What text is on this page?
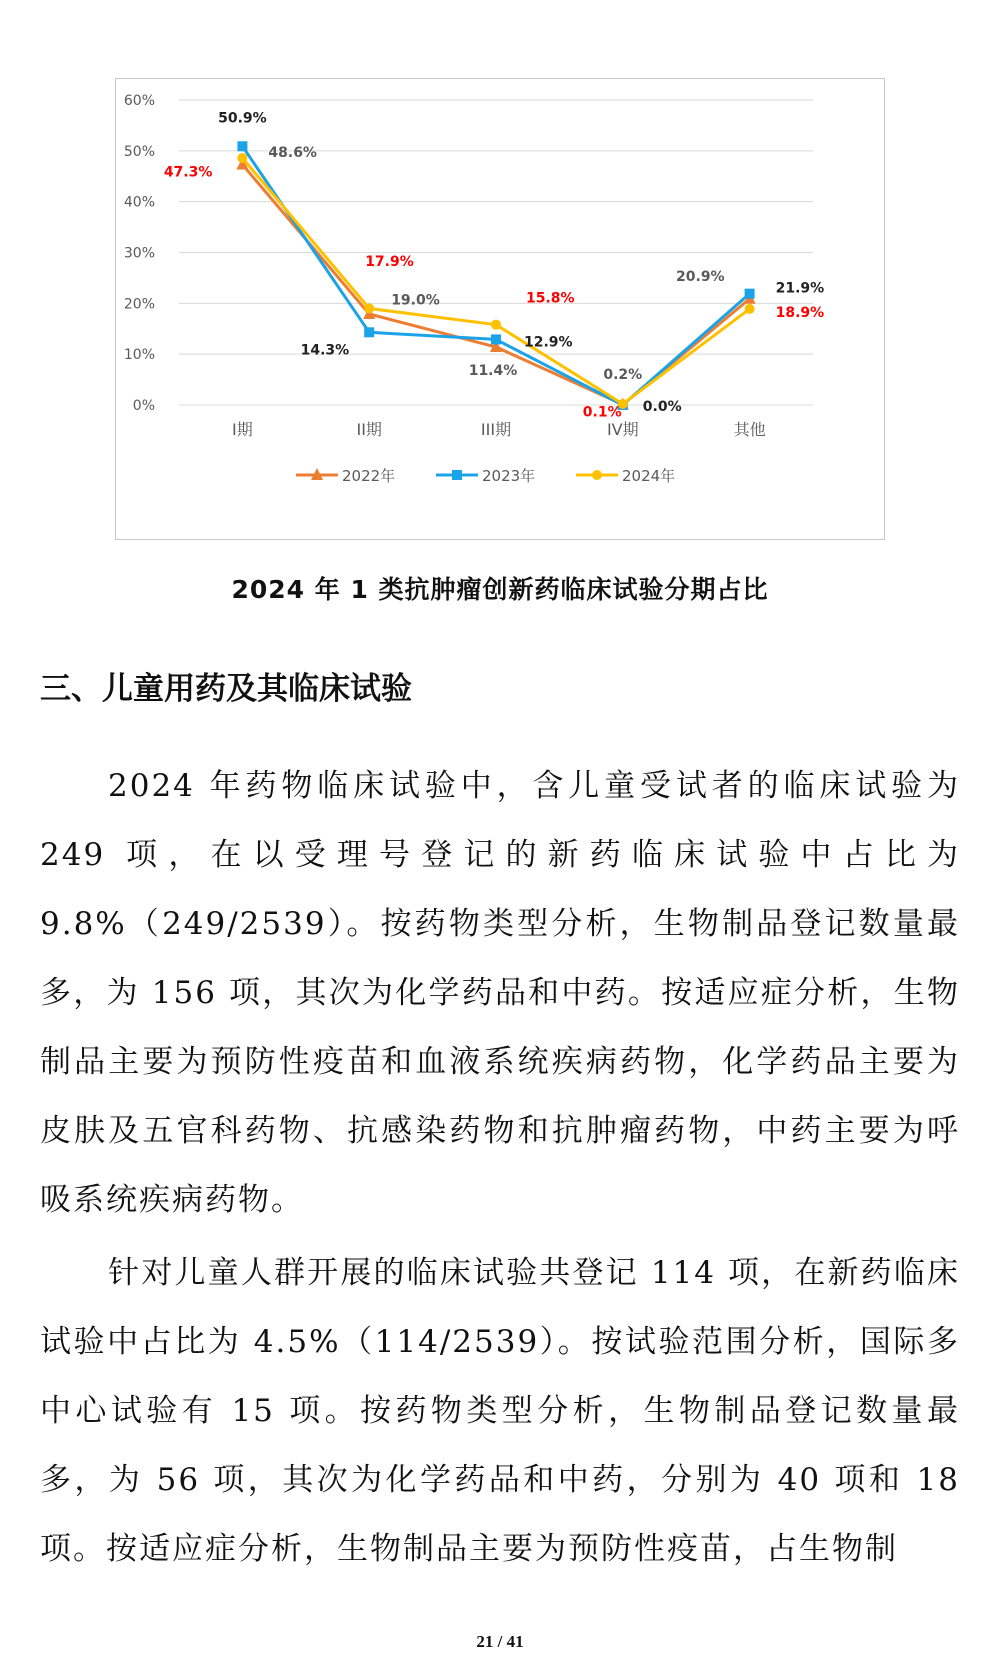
0%
10%
20%
30%
40%
50%
60%
I期	II期	III期	IV期	其他
47.3%
50.9%
48.6%
17.9%
14.3%
19.0%
11.4%
12.9%
15.8%
0.1% 0.0%
0.2%
20.9%
21.9%
18.9%
2022年	2023年	2024年
2024 年 1 类抗肿瘤创新药临床试验分期占比
三、儿童用药及其临床试验
2024 年药物临床试验中，含儿童受试者的临床试验为 249 项，在以受理号登记的新药临床试验中占比为 9.8%（249/2539）。按药物类型分析，生物制品登记数量最多，为 156 项，其次为化学药品和中药。按适应症分析，生物制品主要为预防性疫苗和血液系统疾病药物，化学药品主要为皮肤及五官科药物、抗感染药物和抗肿瘤药物，中药主要为呼吸系统疾病药物。
针对儿童人群开展的临床试验共登记 114 项，在新药临床试验中占比为 4.5%（114/2539）。按试验范围分析，国际多中心试验有 15 项。按药物类型分析，生物制品登记数量最多，为 56 项，其次为化学药品和中药，分别为 40 项和 18 项。按适应症分析，生物制品主要为预防性疫苗，占生物制
21 / 41
